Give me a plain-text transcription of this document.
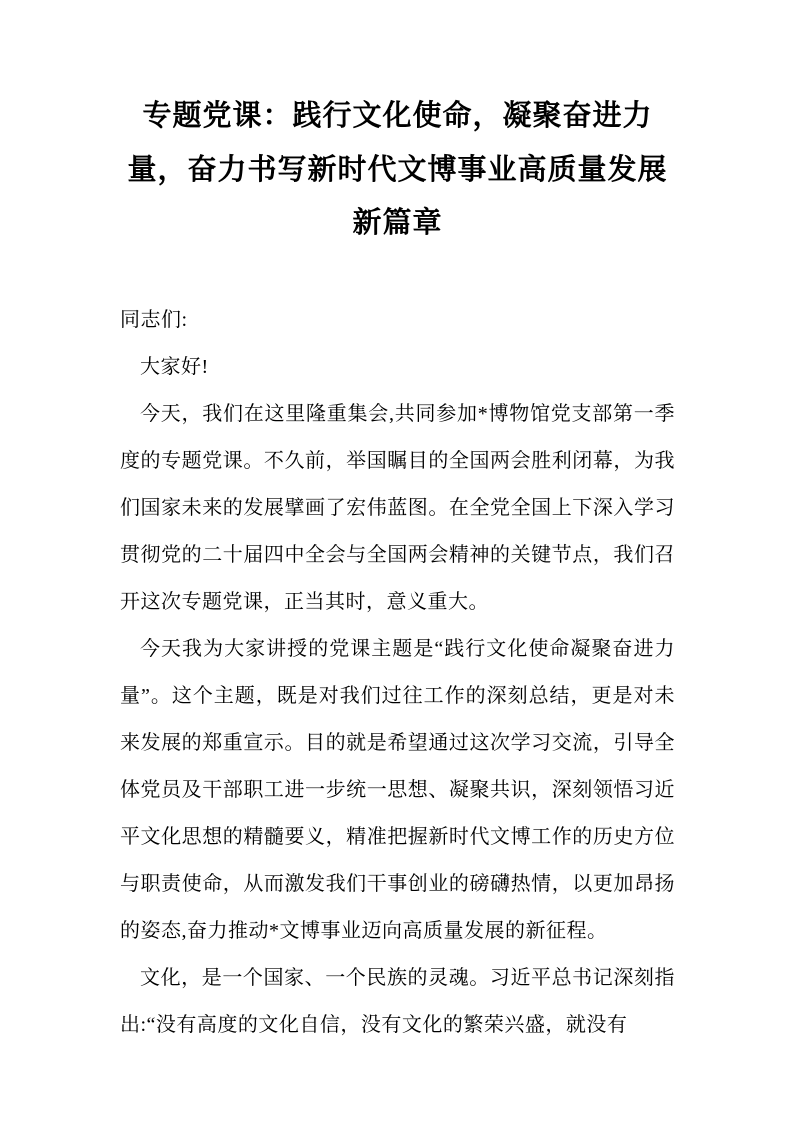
专题党课：践行文化使命，凝聚奋进力量，奋力书写新时代文博事业高质量发展新篇章

同志们:

大家好!

今天，我们在这里隆重集会,共同参加*博物馆党支部第一季度的专题党课。不久前，举国瞩目的全国两会胜利闭幕，为我们国家未来的发展擘画了宏伟蓝图。在全党全国上下深入学习贯彻党的二十届四中全会与全国两会精神的关键节点，我们召开这次专题党课，正当其时，意义重大。

今天我为大家讲授的党课主题是“践行文化使命凝聚奋进力量”。这个主题，既是对我们过往工作的深刻总结，更是对未来发展的郑重宣示。目的就是希望通过这次学习交流，引导全体党员及干部职工进一步统一思想、凝聚共识，深刻领悟习近平文化思想的精髓要义，精准把握新时代文博工作的历史方位与职责使命，从而激发我们干事创业的磅礴热情，以更加昂扬的姿态,奋力推动*文博事业迈向高质量发展的新征程。

文化，是一个国家、一个民族的灵魂。习近平总书记深刻指出:“没有高度的文化自信，没有文化的繁荣兴盛，就没有
